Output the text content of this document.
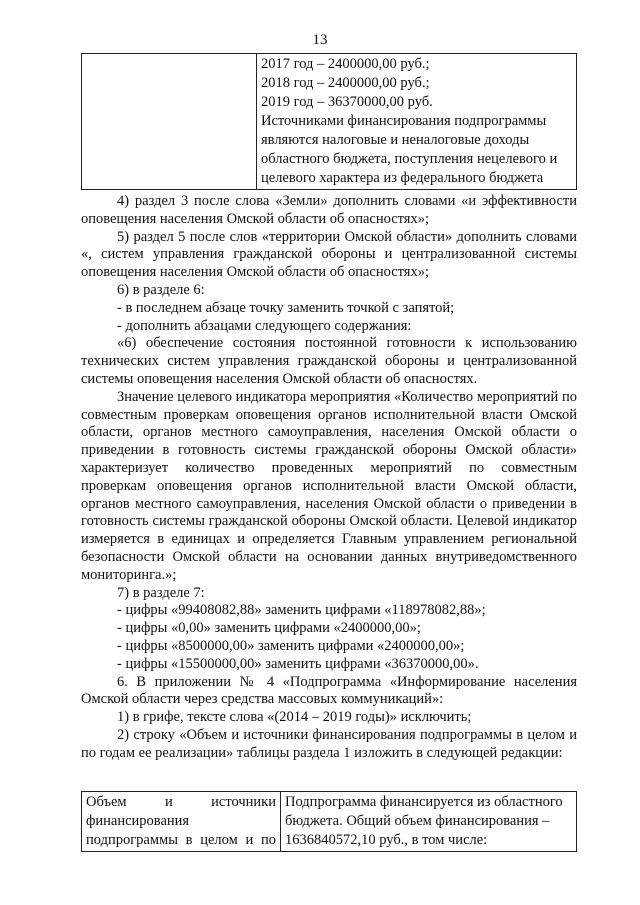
13

2017 год – 2400000,00 руб.;
2018 год – 2400000,00 руб.;
2019 год – 36370000,00 руб.
Источниками финансирования подпрограммы
являются налоговые и неналоговые доходы
областного бюджета, поступления нецелевого и
целевого характера из федерального бюджета

4) раздел 3 после слова «Земли» дополнить словами «и эффективности оповещения населения Омской области об опасностях»;

5) раздел 5 после слов «территории Омской области» дополнить словами «, систем управления гражданской обороны и централизованной системы оповещения населения Омской области об опасностях»;

6) в разделе 6:

- в последнем абзаце точку заменить точкой с запятой;

- дополнить абзацами следующего содержания:

«6) обеспечение состояния постоянной готовности к использованию технических систем управления гражданской обороны и централизованной системы оповещения населения Омской области об опасностях.

Значение целевого индикатора мероприятия «Количество мероприятий по совместным проверкам оповещения органов исполнительной власти Омской области, органов местного самоуправления, населения Омской области о приведении в готовность системы гражданской обороны Омской области» характеризует количество проведенных мероприятий по совместным проверкам оповещения органов исполнительной власти Омской области, органов местного самоуправления, населения Омской области о приведении в готовность системы гражданской обороны Омской области. Целевой индикатор измеряется в единицах и определяется Главным управлением региональной безопасности Омской области на основании данных внутриведомственного мониторинга.»;

7) в разделе 7:

- цифры «99408082,88» заменить цифрами «118978082,88»;

- цифры «0,00» заменить цифрами «2400000,00»;

- цифры «8500000,00» заменить цифрами «2400000,00»;

- цифры «15500000,00» заменить цифрами «36370000,00».

6. В приложении № 4 «Подпрограмма «Информирование населения Омской области через средства массовых коммуникаций»:

1) в грифе, тексте слова «(2014 – 2019 годы)» исключить;

2) строку «Объем и источники финансирования подпрограммы в целом и по годам ее реализации» таблицы раздела 1 изложить в следующей редакции:

Объем и источники
финансирования
подпрограммы в целом и по

Подпрограмма финансируется из областного
бюджета. Общий объем финансирования –
1636840572,10 руб., в том числе:
